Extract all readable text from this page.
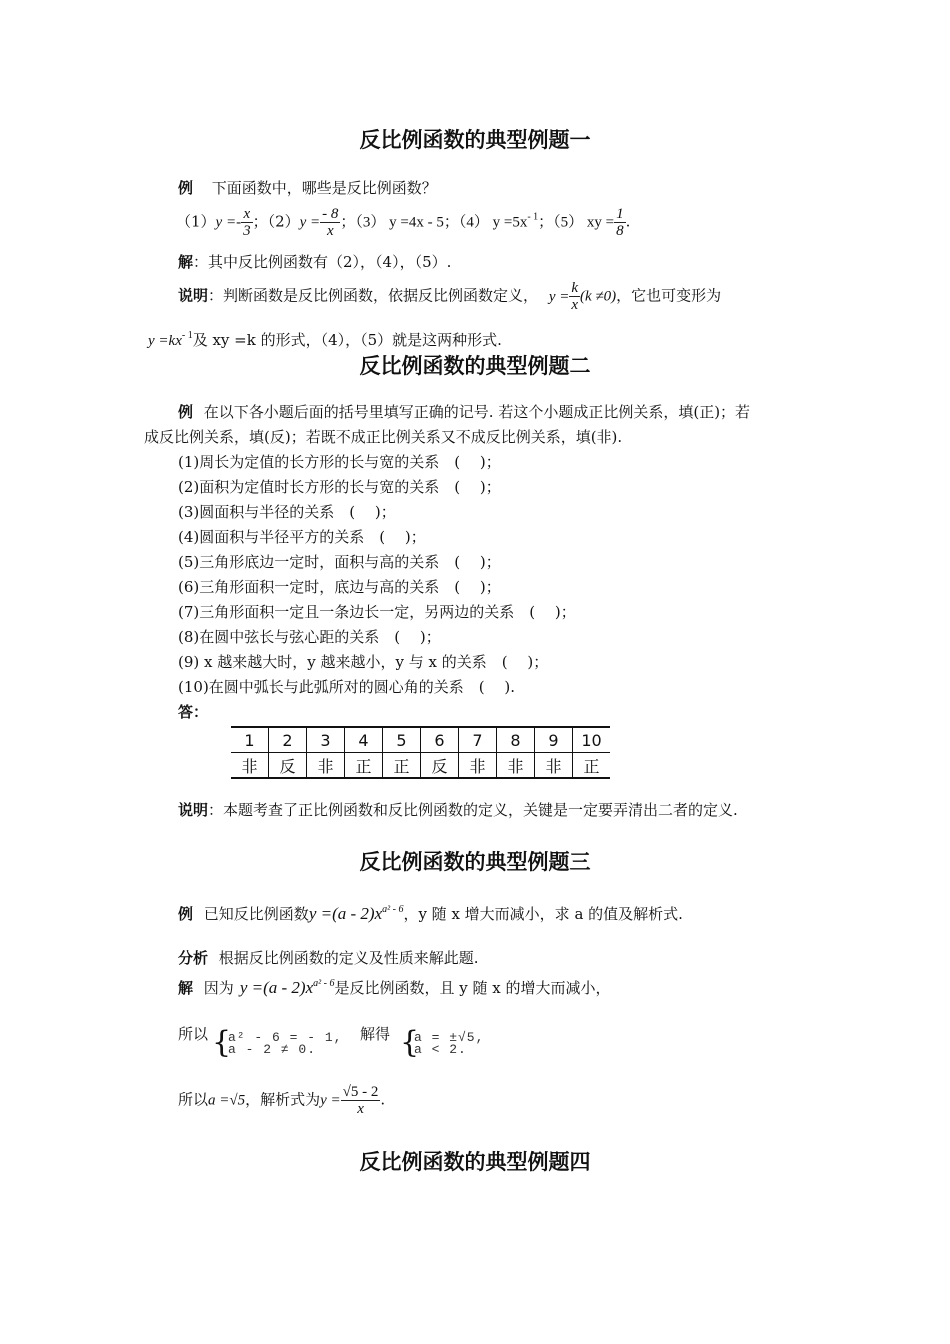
反比例函数的典型例题一
例 下面函数中，哪些是反比例函数？
$(1)y =- \frac{x}{3}$ ；$(2)y = \frac{- 8}{x}$ ；（3） y =4x - 5；（4） $y =5x^{- 1}$；（5） xy = $\frac{1}{8}$ .
解：其中反比例函数有（2），（4），（5）.
说明：判断函数是反比例函数，依据反比例函数定义， $y = \frac{k}{x} (k \ne 0)$，它也可变形为
$y =kx^{- 1}$及 xy =k 的形式，（4），（5）就是这两种形式.
反比例函数的典型例题二
例 在以下各小题后面的括号里填写正确的记号. 若这个小题成正比例关系，填(正)；若
成反比例关系，填(反)；若既不成正比例关系又不成反比例关系，填(非).
(1)周长为定值的长方形的长与宽的关系　(　 )；
(2)面积为定值时长方形的长与宽的关系　(　 )；
(3)圆面积与半径的关系　(　 )；
(4)圆面积与半径平方的关系　(　 )；
(5)三角形底边一定时，面积与高的关系　(　 )；
(6)三角形面积一定时，底边与高的关系　(　 )；
(7)三角形面积一定且一条边长一定，另两边的关系　(　 )；
(8)在圆中弦长与弦心距的关系　(　 )；
(9) x 越来越大时，y 越来越小，y 与 x 的关系　(　 )；
(10)在圆中弧长与此弧所对的圆心角的关系　(　 ).
答：
1	2	3	4	5	6	7	8	9	10
非	反	非	正	正	反	非	非	非	正
说明：本题考查了正比例函数和反比例函数的定义，关键是一定要弄清出二者的定义.
反比例函数的典型例题三
例 已知反比例函数$y =(a - 2)x^{a^2 - 6}$，y 随 x 增大而减小，求 a 的值及解析式.
分析 根据反比例函数的定义及性质来解此题.
解 因为 $y =(a - 2)x^{a^2 - 6}$是反比例函数，且 y 随 x 的增大而减小，
所以 {
a² - 6 = - 1,
a - 2 ≠ 0.
解得 {
a = ±√5,
a < 2.
所以a =√5，解析式为$y = \frac{√5 - 2}{x}$ .
反比例函数的典型例题四
